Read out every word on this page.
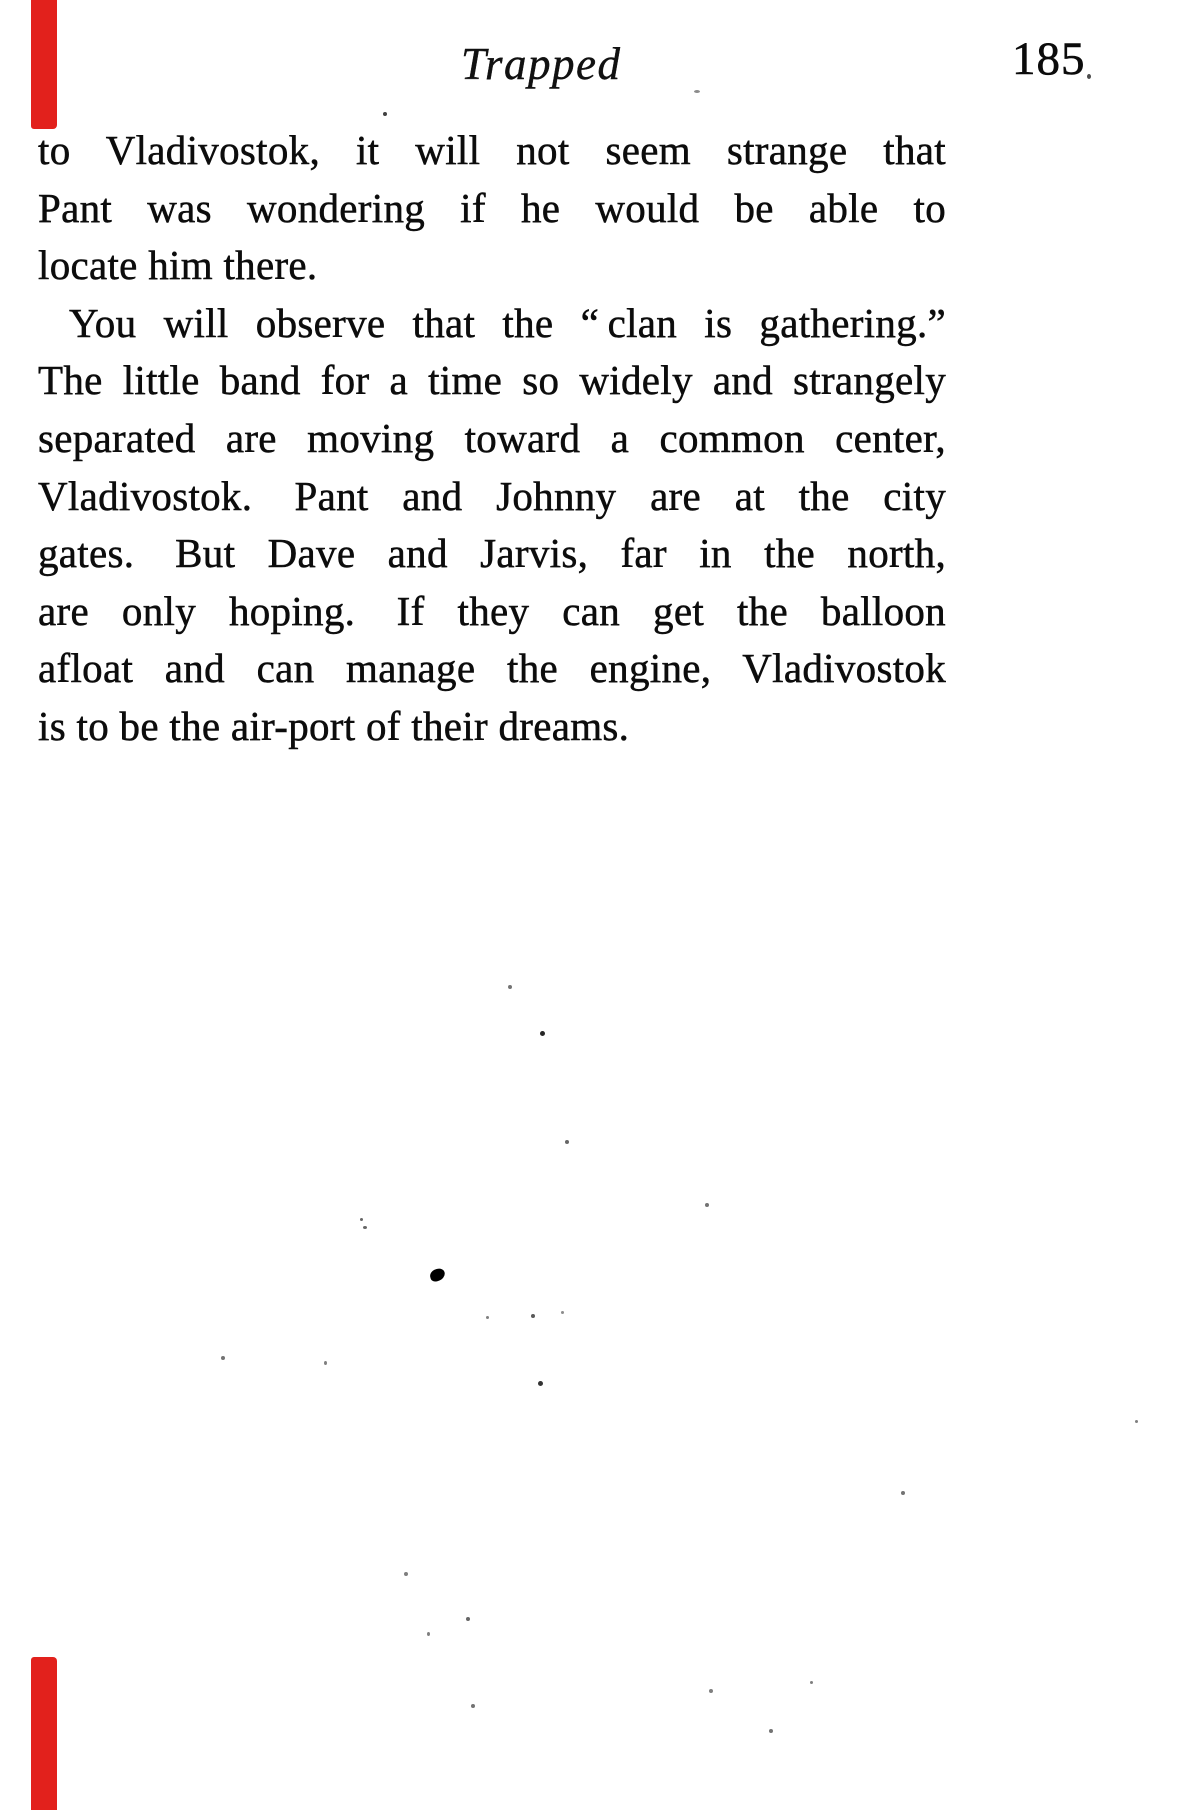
Trapped	185
to Vladivostok, it will not seem strange that
Pant was wondering if he would be able to
locate him there.
You will observe that the “ clan is gathering.”
The little band for a time so widely and strangely
separated are moving toward a common center,
Vladivostok.  Pant and Johnny are at the city
gates.  But Dave and Jarvis, far in the north,
are only hoping.  If they can get the balloon
afloat and can manage the engine, Vladivostok
is to be the air-port of their dreams.
